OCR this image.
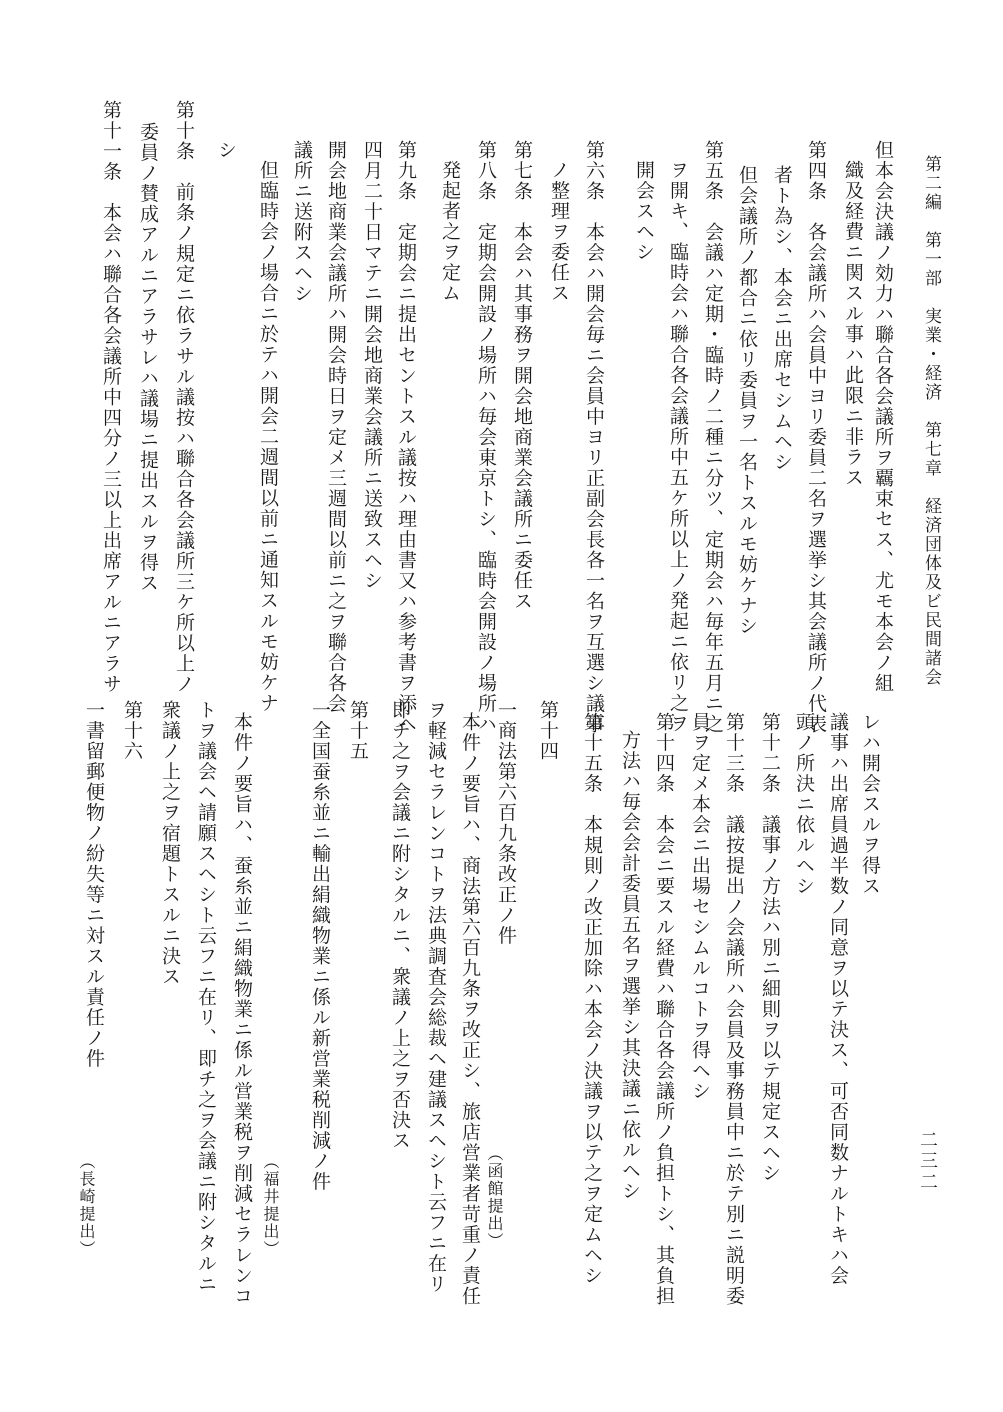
第二編　第一部　実業・経済　第七章　経済団体及ビ民間諸会
二三二
但本会決議ノ効力ハ聯合各会議所ヲ覊束セス、尤モ本会ノ組
織及経費ニ関スル事ハ此限ニ非ラス
第四条　各会議所ハ会員中ヨリ委員二名ヲ選挙シ其会議所ノ代表
者ト為シ、本会ニ出席セシムヘシ
但会議所ノ都合ニ依リ委員ヲ一名トスルモ妨ケナシ
第五条　会議ハ定期・臨時ノ二種ニ分ツ、定期会ハ毎年五月ニ之
ヲ開キ、臨時会ハ聯合各会議所中五ケ所以上ノ発起ニ依リ之ヲ
開会スヘシ
第六条　本会ハ開会毎ニ会員中ヨリ正副会長各一名ヲ互選シ議事
ノ整理ヲ委任ス
第七条　本会ハ其事務ヲ開会地商業会議所ニ委任ス
第八条　定期会開設ノ場所ハ毎会東京トシ、臨時会開設ノ場所ハ
発起者之ヲ定ム
第九条　定期会ニ提出セントスル議按ハ理由書又ハ参考書ヲ添ヘ
四月二十日マテニ開会地商業会議所ニ送致スヘシ
開会地商業会議所ハ開会時日ヲ定メ三週間以前ニ之ヲ聯合各会
議所ニ送附スヘシ
但臨時会ノ場合ニ於テハ開会二週間以前ニ通知スルモ妨ケナ
シ
第十条　前条ノ規定ニ依ラサル議按ハ聯合各会議所三ケ所以上ノ
委員ノ賛成アルニアラサレハ議場ニ提出スルヲ得ス
第十一条　本会ハ聯合各会議所中四分ノ三以上出席アルニアラサ
レハ開会スルヲ得ス
議事ハ出席員過半数ノ同意ヲ以テ決ス、可否同数ナルトキハ会
頭ノ所決ニ依ルヘシ
第十二条　議事ノ方法ハ別ニ細則ヲ以テ規定スヘシ
第十三条　議按提出ノ会議所ハ会員及事務員中ニ於テ別ニ説明委
員ヲ定メ本会ニ出場セシムルコトヲ得ヘシ
第十四条　本会ニ要スル経費ハ聯合各会議所ノ負担トシ、其負担
方法ハ毎会会計委員五名ヲ選挙シ其決議ニ依ルヘシ
第十五条　本規則ノ改正加除ハ本会ノ決議ヲ以テ之ヲ定ムヘシ
第十四
一商法第六百九条改正ノ件
本件ノ要旨ハ、商法第六百九条ヲ改正シ、旅店営業者苛重ノ責任
ヲ軽減セラレンコトヲ法典調査会総裁ヘ建議スヘシト云フニ在リ
即チ之ヲ会議ニ附シタルニ、衆議ノ上之ヲ否決ス
第十五
一全国蚕糸並ニ輸出絹織物業ニ係ル新営業税削減ノ件
本件ノ要旨ハ、蚕糸並ニ絹織物業ニ係ル営業税ヲ削減セラレンコ
トヲ議会ヘ請願スヘシト云フニ在リ、即チ之ヲ会議ニ附シタルニ
衆議ノ上之ヲ宿題トスルニ決ス
第十六
一書留郵便物ノ紛失等ニ対スル責任ノ件
（函館提出）
（福井提出）
（長崎提出）
